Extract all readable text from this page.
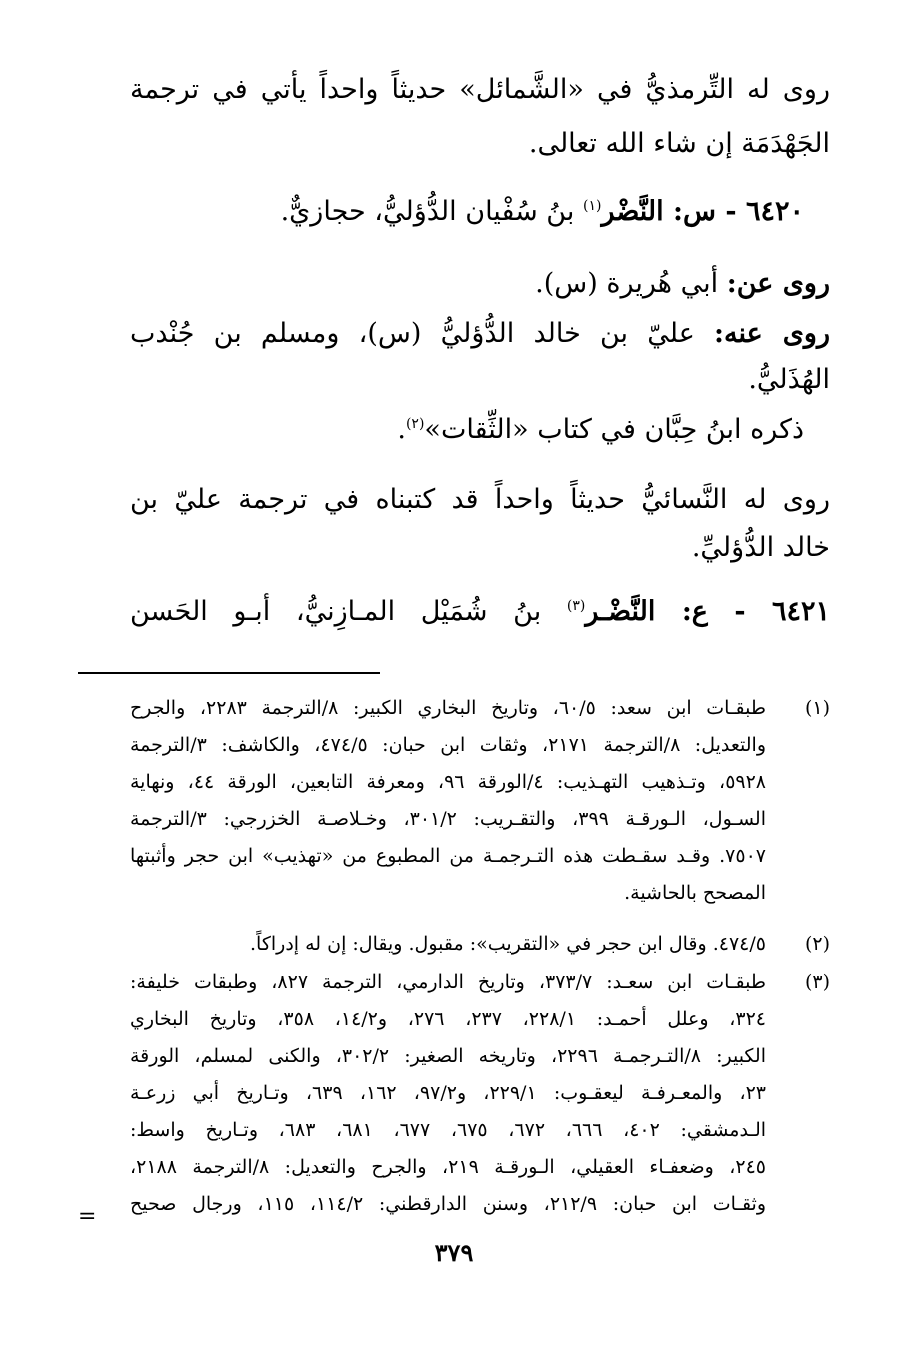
روى له التِّرمذيُّ في «الشَّمائل» حديثاً واحداً يأتي في ترجمة
الجَهْدَمَة إن شاء الله تعالى.
٦٤٢٠ - س: النَّضْر$^{(١)}$ بنُ سُفْيان الدُّؤليُّ، حجازيٌّ.
روى عن: أبي هُريرة (س).
روى عنه: عليّ بن خالد الدُّؤليُّ (س)، ومسلم بن جُنْدب
الهُذَليُّ.
ذكره ابنُ حِبَّان في كتاب «الثِّقات»$^{(٢)}$.
روى له النَّسائيُّ حديثاً واحداً قد كتبناه في ترجمة عليّ بن
خالد الدُّؤليِّ.
٦٤٢١ - ع: النَّضْـر$^{(٣)}$ بنُ شُمَيْل المـازِنيُّ، أبـو الحَسن
(١)
طبقـات ابن سعد: ٦٠/٥، وتاريخ البخاري الكبير: ٨/الترجمة ٢٢٨٣، والجرح
والتعديل: ٨/الترجمة ٢١٧١، وثقات ابن حبان: ٤٧٤/٥، والكاشف: ٣/الترجمة
٥٩٢٨، وتـذهيب التهـذيب: ٤/الورقة ٩٦، ومعرفة التابعين، الورقة ٤٤، ونهاية
السـول، الـورقـة ٣٩٩، والتقـريب: ٣٠١/٢، وخـلاصـة الخزرجي: ٣/الترجمة
٧٥٠٧. وقـد سقـطت هذه التـرجمـة من المطبوع من «تهذيب» ابن حجر وأثبتها
المصحح بالحاشية.
(٢)
٤٧٤/٥. وقال ابن حجر في «التقريب»: مقبول. ويقال: إن له إدراكاً.
(٣)
طبقـات ابن سعـد: ٣٧٣/٧، وتاريخ الدارمي، الترجمة ٨٢٧، وطبقات خليفة:
٣٢٤، وعلل أحمـد: ٢٢٨/١، ٢٣٧، ٢٧٦، و١٤/٢، ٣٥٨، وتاريخ البخاري
الكبير: ٨/التـرجمـة ٢٢٩٦، وتاريخه الصغير: ٣٠٢/٢، والكنى لمسلم، الورقة
٢٣، والمعـرفـة ليعقـوب: ٢٢٩/١، و٩٧/٢، ١٦٢، ٦٣٩، وتـاريخ أبي زرعـة
الـدمشقي: ٤٠٢، ٦٦٦، ٦٧٢، ٦٧٥، ٦٧٧، ٦٨١، ٦٨٣، وتـاريخ واسط:
٢٤٥، وضعفـاء العقيلي، الـورقـة ٢١٩، والجرح والتعديل: ٨/الترجمة ٢١٨٨،
وثقـات ابن حبان: ٢١٢/٩، وسنن الدارقطني: ١١٤/٢، ١١٥، ورجال صحيح
=
٣٧٩
